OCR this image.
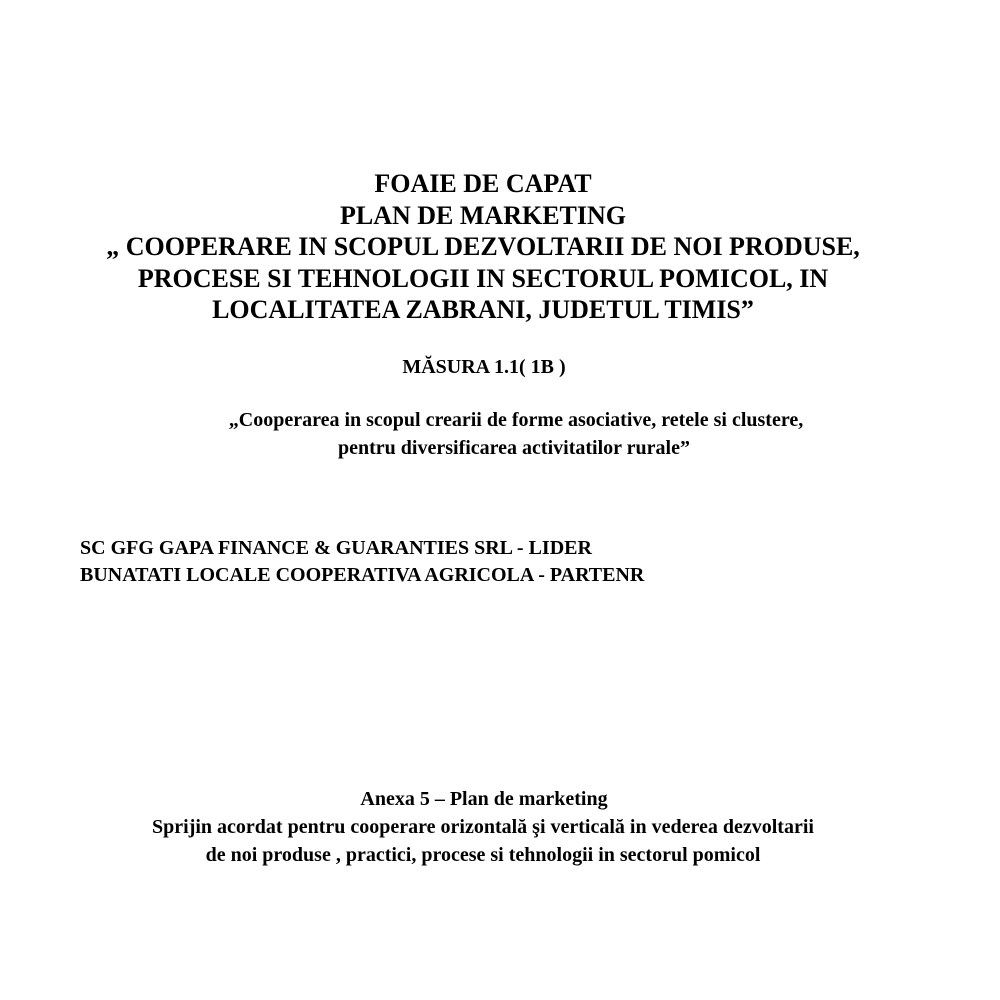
FOAIE DE CAPAT
PLAN DE MARKETING
„ COOPERARE IN SCOPUL DEZVOLTARII DE NOI PRODUSE,
PROCESE SI TEHNOLOGII IN SECTORUL POMICOL, IN
LOCALITATEA ZABRANI, JUDETUL TIMIS”
MĂSURA 1.1( 1B )
„Cooperarea in scopul crearii de forme asociative, retele si clustere,
pentru diversificarea activitatilor rurale”
SC GFG GAPA FINANCE & GUARANTIES SRL - LIDER
BUNATATI LOCALE COOPERATIVA AGRICOLA - PARTENR
Anexa 5 – Plan de marketing
Sprijin acordat pentru cooperare orizontală şi verticală in vederea dezvoltarii
de noi produse , practici, procese si tehnologii in sectorul pomicol
